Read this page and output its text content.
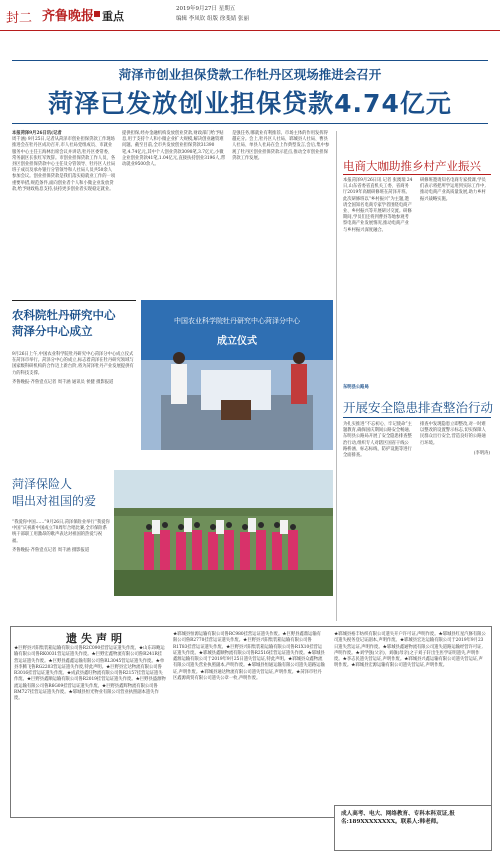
封二 齐鲁晚报 重点
2019年9月27日 星期五
编辑 李凤钦 组版 徐斐婧 张丽
菏泽市创业担保贷款工作牡丹区现场推进会召开
菏泽已发放创业担保贷款4.74亿元

本报菏泽9月26日讯(记者

周千涵) 9月25日,记者从菏泽市创业担保贷款工作现场推进会在牡丹区成功召开,市人社局党组成员、市就业服务中心主任王海林出席会议并讲话,牡丹区委常委、常务副区长张红军致辞。市创业担保贷款工作人员、各县区创业担保贷款中心主任及分管领导、牡丹区人社局班子成员及承办银行分管领导和人社局人员共50余人参加会议。创业担保贷款是我们落实稳就业工作的一项重要举措,规范条件,面向创业者个人和小微企业发放贷款,给予财政贴息支持,扶持更多创业者实现稳定就业。

提供担保,经办金融机构发放创业贷款,财政部门给予贴息,用于支持个人和小微企业扩大规模,解决创业融资难问题。截至目前,全市共发放创业担保贷款31390笔,4.74亿元,其中个人创业贷款3098笔,3.7亿元,小微企业创业贷款41笔,1.04亿元,直接扶持创业3196人,带动就业9500余人。

是强任务,哪就业有利推荐。市场主体的作用发挥得越充分。会上,牡丹区人社局、郓城县人社局、曹县人社局、单县人社局在会上作典型发言,会后,集中参观了牡丹区创业担保贷款示范点,推动全市创业担保贷款工作发展。

电商大咖助推乡村产业振兴
本报菏泽9月26日讯 记者 张澳瑞 24日,山东省委省直机关工委、省商务厅2019年高级研修班在菏泽开班。此次研修班以“乡村振兴”为主题,邀请全国知名电商专家学者围绕电商产业、乡村振兴等开展研讨交流。研修期间,学员们还将到曹县等地参观考察电商产业发展情况,推动电商产业与乡村振兴深度融合。

研修班邀请知名电商专家授课,学员们表示将把所学运用到实际工作中,推动电商产业高质量发展,助力乡村振兴战略实施。

农科院牡丹研究中心
菏泽分中心成立

9月26日上午,中国农业科学院牡丹研究中心菏泽分中心成立仪式在菏泽市举行。菏泽分中心的成立,标志着菏泽在牡丹研究领域与国家级科研机构的合作迈上新台阶,将为菏泽牡丹产业发展提供有力的科技支撑。

齐鲁晚报·齐鲁壹点记者 周千涵 通讯员 侯健 摄影报道

中国农业科学院牡丹研究中心菏泽分中心
成立仪式
东明县公路局
开展安全隐患排查整治行动
为扎实推进“不忘初心、牢记使命”主题教育,确保国庆期间公路安全畅通,东明县公路局开展了安全隐患排查整治行动,组织专人对辖区国省干线公路桥涵、标志标线、防护设施等进行全面排查。

排查中发现隐患立即整改,对一时难以整改的设置警示标志,切实保障人民群众出行安全,营造良好的公路通行环境。

(李明涛)

菏泽保险人
唱出对祖国的爱

“我爱你中国……”9月26日,菏泽保险业举行“我爱你中国”庆祝新中国成立70周年合唱比赛,全市保险系统干部职工用激昂的歌声表达对祖国的热爱与祝福。

齐鲁晚报·齐鲁壹点记者 周千涵 摄影报道

遗失声明

★巨野县兴阳集装箱运输有限公司鲁R2C090挂营运证遗失作废。★山东昂鲍运输有限公司鲁RK0031营运证遗失作废。★巨野宏鑫物流有限公司鲁R241R挂营运证遗失作废。★巨野县鑫鑫运输有限公司鲁RL3045营运证遗失作废。★单县李腾飞鲁RG2203营运证遗失作废,特此声明。★巨野县宏达物流有限公司鲁R3016挂营运证遗失作废。★成武县鑫旺物流有限公司鲁R2157挂营运证遗失作废。★巨野县鑫顺运输有限公司鲁R2019挂营运证遗失作废。★巨野县盛源物流运输有限公司鲁R6G09挂营运证遗失作废。★巨野县鑫辉物流有限公司鲁RM727挂营运证遗失作废。★郓城县恒光物业有限公司营业执照副本遗失作废。

★郓城县恒源运输有限公司鲁RC980挂营运证遗失作废。★巨野县鑫鼎运输有限公司鲁R2770挂营运证遗失作废。★巨野县兴阳集装箱运输有限公司鲁R1T83挂营运证遗失作废。★巨野县兴阳集装箱运输有限公司鲁R1X10挂营运证遗失作废。★郓城县鑫顺物流有限公司鲁R2516挂营运证遗失作废。★郓城县鑫源运输有限公司于2019年9月25日遗失营运证,特此声明。★郓城县众鑫物流有限公司遗失营业执照副本,声明作废。★郓城县恒通运输有限公司遗失道路运输证,声明作废。★郓城县通达物流有限公司遗失营运证,声明作废。★菏泽市牡丹区鑫源商贸有限公司遗失公章一枚,声明作废。

★郓城县裕丰纺织有限公司遗失开户许可证,声明作废。★郓城县红星汽修有限公司遗失税务登记证副本,声明作废。★郓城县宏达运输有限公司于2019年9月23日遗失营运证,声明作废。★郓城县鑫通物流有限公司遗失道路运输经营许可证,声明作废。★刘学强(父亲)、刘敏(母亲)之子刘子轩出生医学证明遗失,声明作废。★李志民遗失营运证,声明作废。★郓城县兴鑫运输有限公司遗失营运证,声明作废。★郓城县宏源运输有限公司遗失营运证,声明作废。

成人高考、电大、网络教育、专科本科双证,报名:189XXXXXXXX。联系人:韩老师。
